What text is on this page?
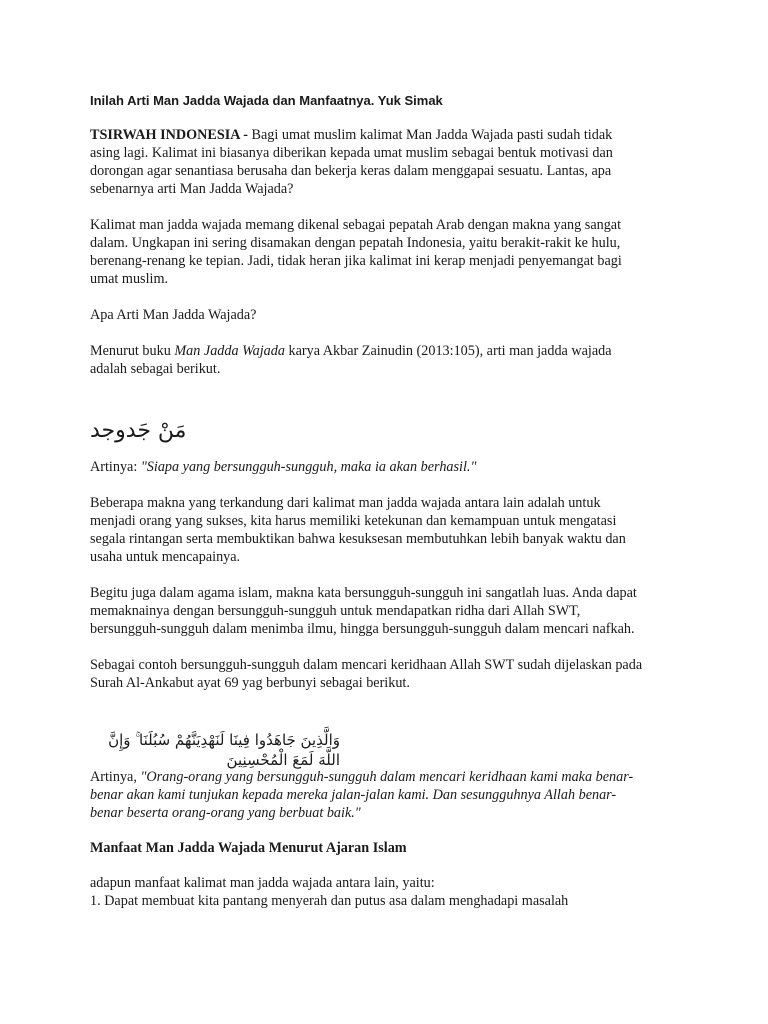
Inilah Arti Man Jadda Wajada dan Manfaatnya. Yuk Simak
TSIRWAH INDONESIA - Bagi umat muslim kalimat Man Jadda Wajada pasti sudah tidak
asing lagi. Kalimat ini biasanya diberikan kepada umat muslim sebagai bentuk motivasi dan
dorongan agar senantiasa berusaha dan bekerja keras dalam menggapai sesuatu. Lantas, apa
sebenarnya arti Man Jadda Wajada?
Kalimat man jadda wajada memang dikenal sebagai pepatah Arab dengan makna yang sangat
dalam. Ungkapan ini sering disamakan dengan pepatah Indonesia, yaitu berakit-rakit ke hulu,
berenang-renang ke tepian. Jadi, tidak heran jika kalimat ini kerap menjadi penyemangat bagi
umat muslim.
Apa Arti Man Jadda Wajada?
Menurut buku Man Jadda Wajada karya Akbar Zainudin (2013:105), arti man jadda wajada
adalah sebagai berikut.
مَنْ جَدوجد
Artinya: "Siapa yang bersungguh-sungguh, maka ia akan berhasil."
Beberapa makna yang terkandung dari kalimat man jadda wajada antara lain adalah untuk
menjadi orang yang sukses, kita harus memiliki ketekunan dan kemampuan untuk mengatasi
segala rintangan serta membuktikan bahwa kesuksesan membutuhkan lebih banyak waktu dan
usaha untuk mencapainya.
Begitu juga dalam agama islam, makna kata bersungguh-sungguh ini sangatlah luas. Anda dapat
memaknainya dengan bersungguh-sungguh untuk mendapatkan ridha dari Allah SWT,
bersungguh-sungguh dalam menimba ilmu, hingga bersungguh-sungguh dalam mencari nafkah.
Sebagai contoh bersungguh-sungguh dalam mencari keridhaan Allah SWT sudah dijelaskan pada
Surah Al-Ankabut ayat 69 yag berbunyi sebagai berikut.
وَالَّذِينَ جَاهَدُوا فِينَا لَنَهْدِيَنَّهُمْ سُبُلَنَا ۚ وَإِنَّ اللَّهَ لَمَعَ الْمُحْسِنِينَ
Artinya, "Orang-orang yang bersungguh-sungguh dalam mencari keridhaan kami maka benar-
benar akan kami tunjukan kepada mereka jalan-jalan kami. Dan sesungguhnya Allah benar-
benar beserta orang-orang yang berbuat baik."
Manfaat Man Jadda Wajada Menurut Ajaran Islam
adapun manfaat kalimat man jadda wajada antara lain, yaitu:
1. Dapat membuat kita pantang menyerah dan putus asa dalam menghadapi masalah
